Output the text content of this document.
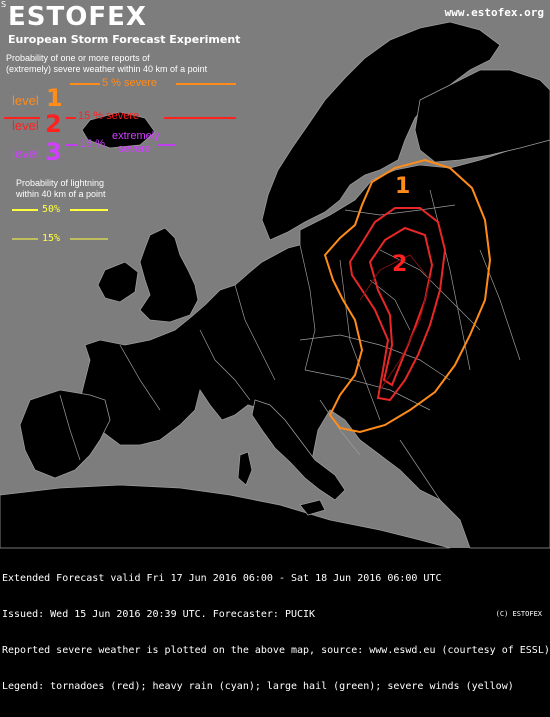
S ESTOFEX
European Storm Forecast Experiment
www.estofex.org
Probability of one or more reports of
(extremely) severe weather within 40 km of a point
level 1
5 % severe
level 2 15 % severe
level 3 15 %
extremely
severe
Probability of lightning
within 40 km of a point
50%
15%
1
2

Extended Forecast valid Fri 17 Jun 2016 06:00 - Sat 18 Jun 2016 06:00 UTC

Issued: Wed 15 Jun 2016 20:39 UTC. Forecaster: PUCIK

Reported severe weather is plotted on the above map, source: www.eswd.eu (courtesy of ESSL)

Legend: tornadoes (red); heavy rain (cyan); large hail (green); severe winds (yellow)

(C) ESTOFEX
